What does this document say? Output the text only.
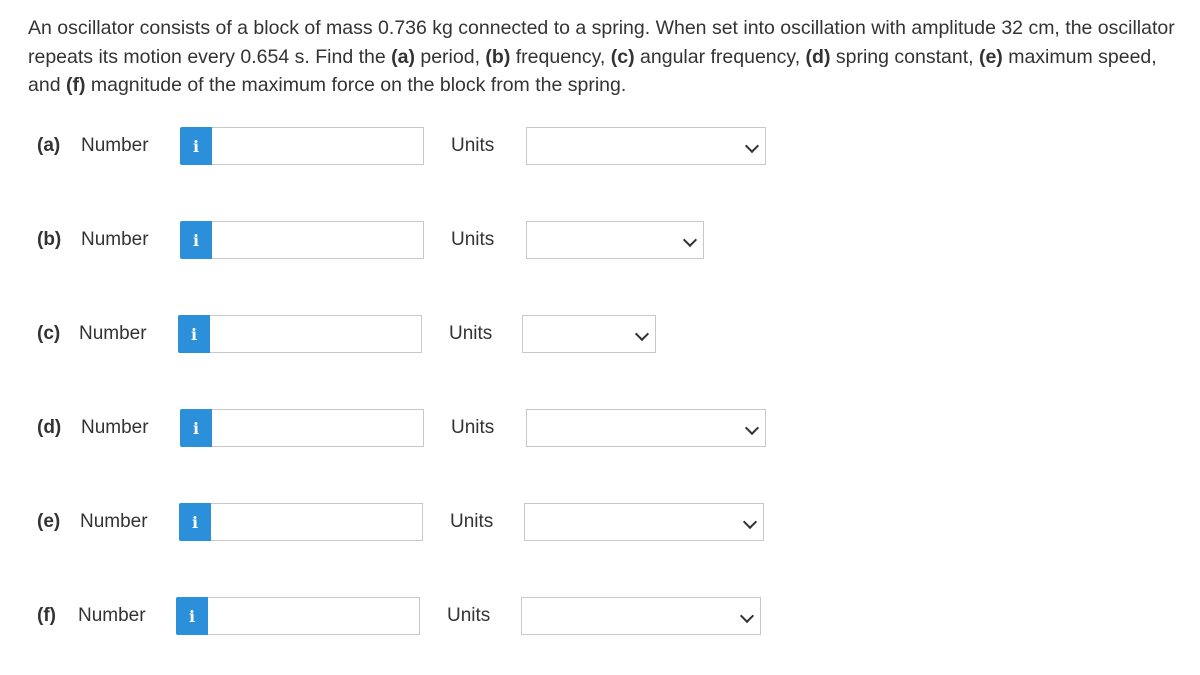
An oscillator consists of a block of mass 0.736 kg connected to a spring. When set into oscillation with amplitude 32 cm, the oscillator repeats its motion every 0.654 s. Find the (a) period, (b) frequency, (c) angular frequency, (d) spring constant, (e) maximum speed, and (f) magnitude of the maximum force on the block from the spring.
(a) Number	i	Units
(b) Number	i	Units
(c) Number	i	Units
(d) Number	i	Units
(e) Number	i	Units
(f) Number	i	Units
